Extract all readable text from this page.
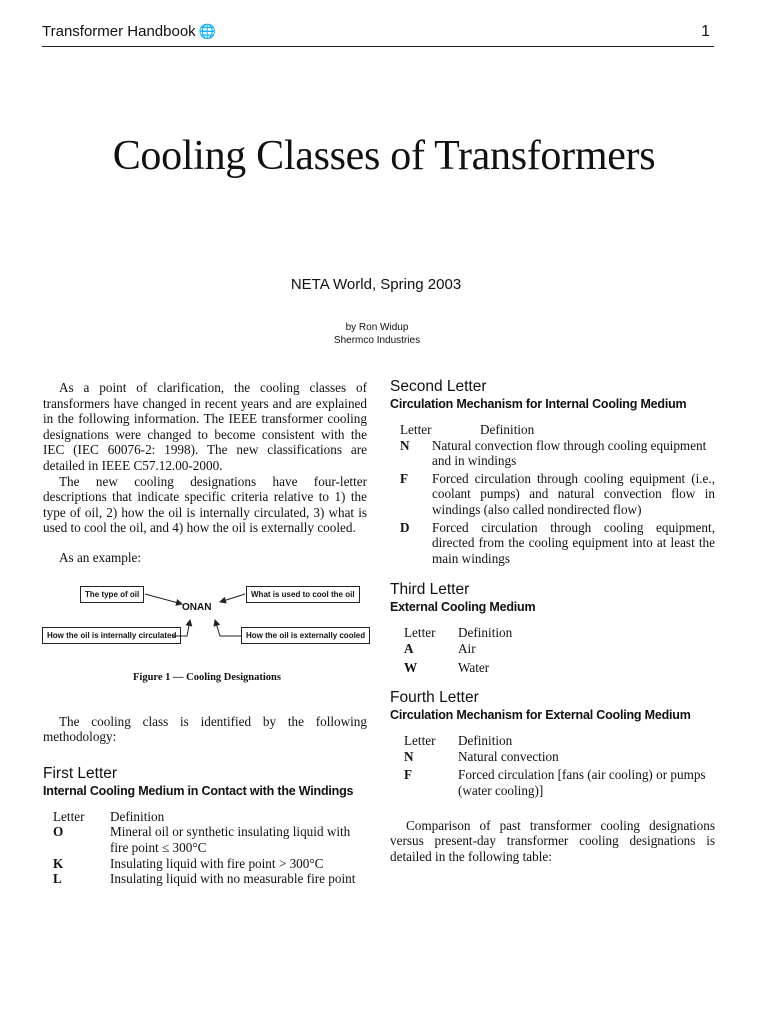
Transformer Handbook 🌐	1
Cooling Classes of Transformers
NETA World, Spring 2003
by Ron Widup
Shermco Industries

As a point of clarification, the cooling classes of transformers have changed in recent years and are explained in the following information. The IEEE transformer cooling designations were changed to become consistent with the IEC (IEC 60076-2: 1998). The new classifications are detailed in IEEE C57.12.00-2000.

The new cooling designations have four-letter descriptions that indicate specific criteria relative to 1) the type of oil, 2) how the oil is internally circulated, 3) what is used to cool the oil, and 4) how the oil is externally cooled.

As an example:

The type of oil	What is used to cool the oil
ONAN
How the oil is internally circulated	How the oil is externally cooled
Figure 1 — Cooling Designations

The cooling class is identified by the following methodology:

First Letter
Internal Cooling Medium in Contact with the Windings
Letter	Definition
O	Mineral oil or synthetic insulating liquid with fire point ≤ 300°C
K	Insulating liquid with fire point > 300°C
L	Insulating liquid with no measurable fire point
Second Letter
Circulation Mechanism for Internal Cooling Medium
Letter	Definition
N	Natural convection flow through cooling equipment and in windings
F	Forced circulation through cooling equipment (i.e., coolant pumps) and natural convection flow in windings (also called nondirected flow)
D	Forced circulation through cooling equipment, directed from the cooling equipment into at least the main windings
Third Letter
External Cooling Medium
Letter	Definition
A	Air
W	Water
Fourth Letter
Circulation Mechanism for External Cooling Medium
Letter	Definition
N	Natural convection
F	Forced circulation [fans (air cooling) or pumps (water cooling)]

Comparison of past transformer cooling designations versus present-day transformer cooling designations is detailed in the following table:
